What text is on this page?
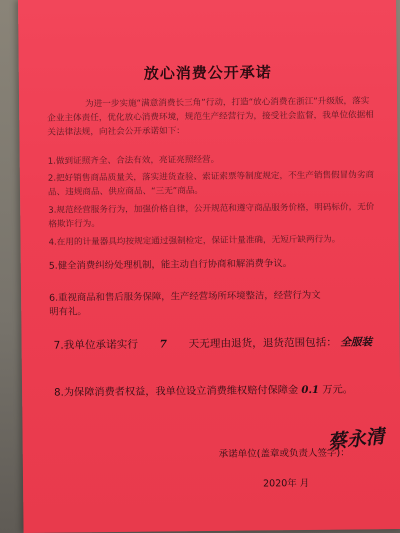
放心消费公开承诺
为进一步实施“满意消费长三角”行动，打造“放心消费在浙江”升级版，落实企业主体责任，优化放心消费环境，规范生产经营行为，接受社会监督，我单位依据相关法律法规，向社会公开承诺如下：
1.做到证照齐全、合法有效，亮证亮照经营。
2.把好销售商品质量关，落实进货查验、索证索票等制度规定，不生产销售假冒伪劣商品、违规商品、供应商品、“三无”商品。
3.规范经营服务行为，加强价格自律，公开规范和遵守商品服务价格，明码标价，无价格欺诈行为。
4.在用的计量器具均按规定通过强制检定，保证计量准确，无短斤缺两行为。
5.健全消费纠纷处理机制，能主动自行协商和解消费争议。
6.重视商品和售后服务保障，生产经营场所环境整洁，经营行为文
明有礼。
7.我单位承诺实行 7 天无理由退货，退货范围包括： 全服装
8.为保障消费者权益，我单位设立消费维权赔付保障金 0.1 万元。
承诺单位(盖章或负责人签字)：
蔡永清
2020年 月
